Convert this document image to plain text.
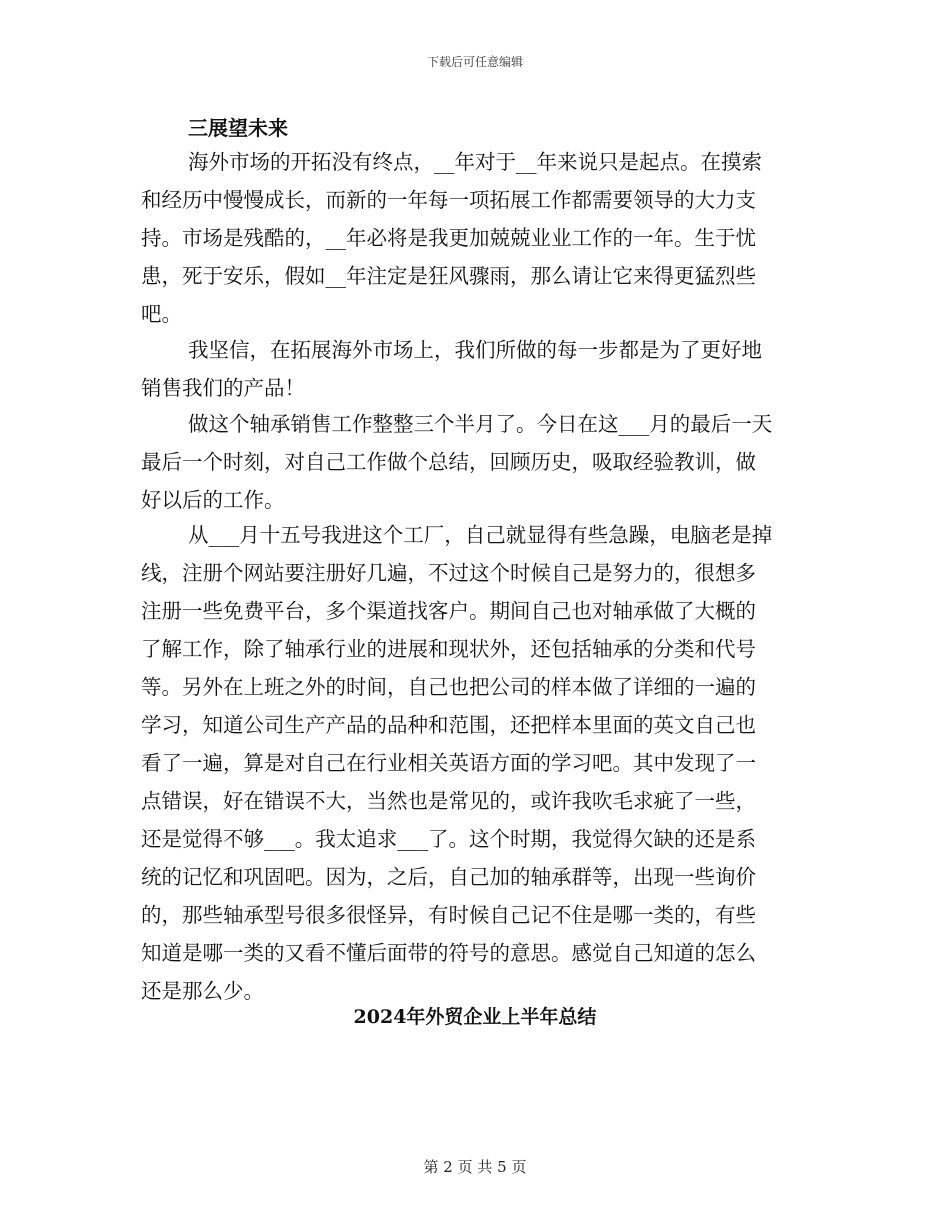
下载后可任意编辑
三展望未来
海外市场的开拓没有终点，__年对于__年来说只是起点。在摸索
和经历中慢慢成长，而新的一年每一项拓展工作都需要领导的大力支
持。市场是残酷的，__年必将是我更加兢兢业业工作的一年。生于忧
患，死于安乐，假如__年注定是狂风骤雨，那么请让它来得更猛烈些
吧。
我坚信，在拓展海外市场上，我们所做的每一步都是为了更好地
销售我们的产品！
做这个轴承销售工作整整三个半月了。今日在这___月的最后一天
最后一个时刻，对自己工作做个总结，回顾历史，吸取经验教训，做
好以后的工作。
从___月十五号我进这个工厂，自己就显得有些急躁，电脑老是掉
线，注册个网站要注册好几遍，不过这个时候自己是努力的，很想多
注册一些免费平台，多个渠道找客户。期间自己也对轴承做了大概的
了解工作，除了轴承行业的进展和现状外，还包括轴承的分类和代号
等。另外在上班之外的时间，自己也把公司的样本做了详细的一遍的
学习，知道公司生产产品的品种和范围，还把样本里面的英文自己也
看了一遍，算是对自己在行业相关英语方面的学习吧。其中发现了一
点错误，好在错误不大，当然也是常见的，或许我吹毛求疵了一些，
还是觉得不够___。我太追求___了。这个时期，我觉得欠缺的还是系
统的记忆和巩固吧。因为，之后，自己加的轴承群等，出现一些询价
的，那些轴承型号很多很怪异，有时候自己记不住是哪一类的，有些
知道是哪一类的又看不懂后面带的符号的意思。感觉自己知道的怎么
还是那么少。
2024年外贸企业上半年总结
第 2 页 共 5 页
